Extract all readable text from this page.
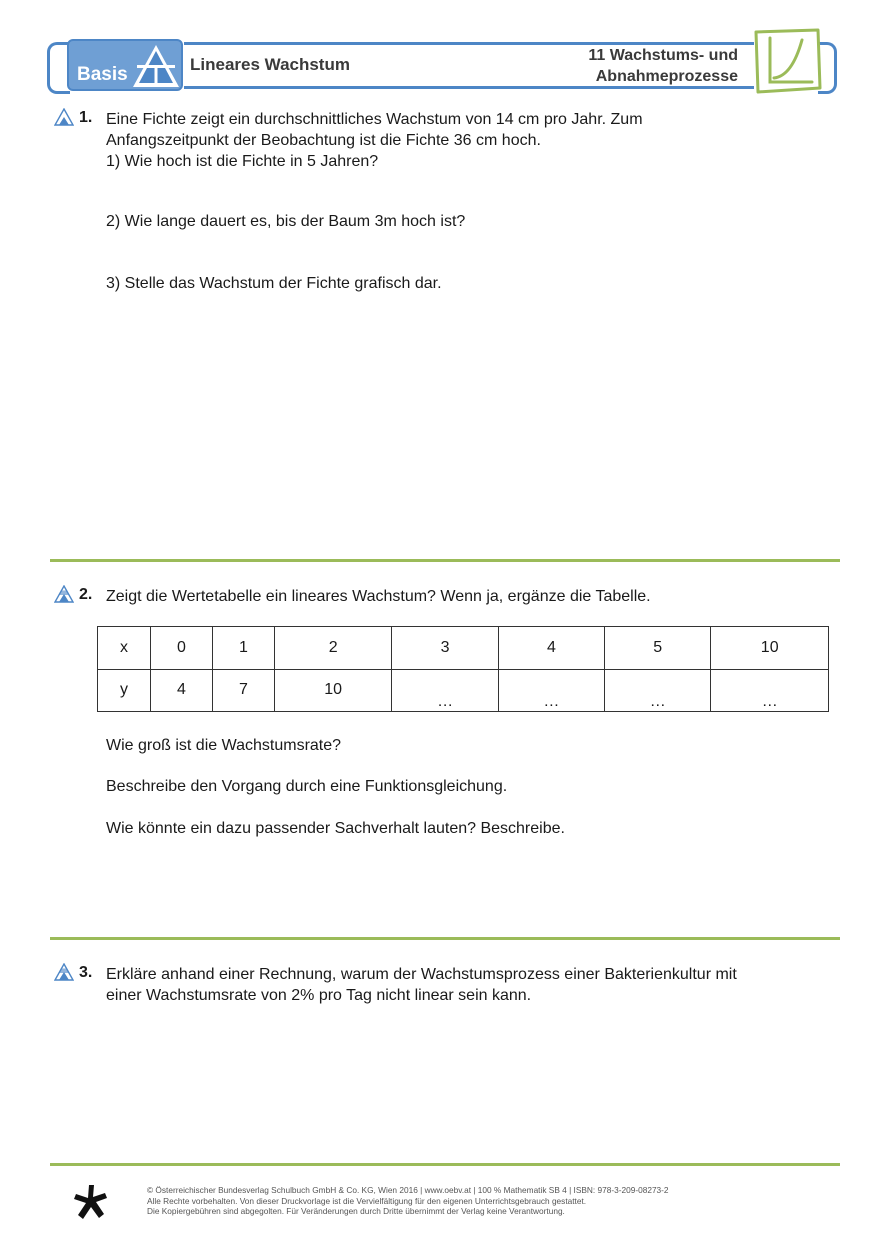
Basis	Lineares Wachstum	11 Wachstums- und
Abnahmeprozesse
1. Eine Fichte zeigt ein durchschnittliches Wachstum von 14 cm pro Jahr. Zum
Anfangszeitpunkt der Beobachtung ist die Fichte 36 cm hoch.
1) Wie hoch ist die Fichte in 5 Jahren?
2) Wie lange dauert es, bis der Baum 3m hoch ist?
3) Stelle das Wachstum der Fichte grafisch dar.
2. Zeigt die Wertetabelle ein lineares Wachstum? Wenn ja, ergänze die Tabelle.
x	0	1	2	3	4	5	10
y	4	7	10	…	…	…	…
Wie groß ist die Wachstumsrate?
Beschreibe den Vorgang durch eine Funktionsgleichung.
Wie könnte ein dazu passender Sachverhalt lauten? Beschreibe.
3. Erkläre anhand einer Rechnung, warum der Wachstumsprozess einer Bakterienkultur mit
einer Wachstumsrate von 2% pro Tag nicht linear sein kann.
© Österreichischer Bundesverlag Schulbuch GmbH & Co. KG, Wien 2016 | www.oebv.at | 100 % Mathematik SB 4 | ISBN: 978-3-209-08273-2
Alle Rechte vorbehalten. Von dieser Druckvorlage ist die Vervielfältigung für den eigenen Unterrichtsgebrauch gestattet.
Die Kopiergebühren sind abgegolten. Für Veränderungen durch Dritte übernimmt der Verlag keine Verantwortung.
